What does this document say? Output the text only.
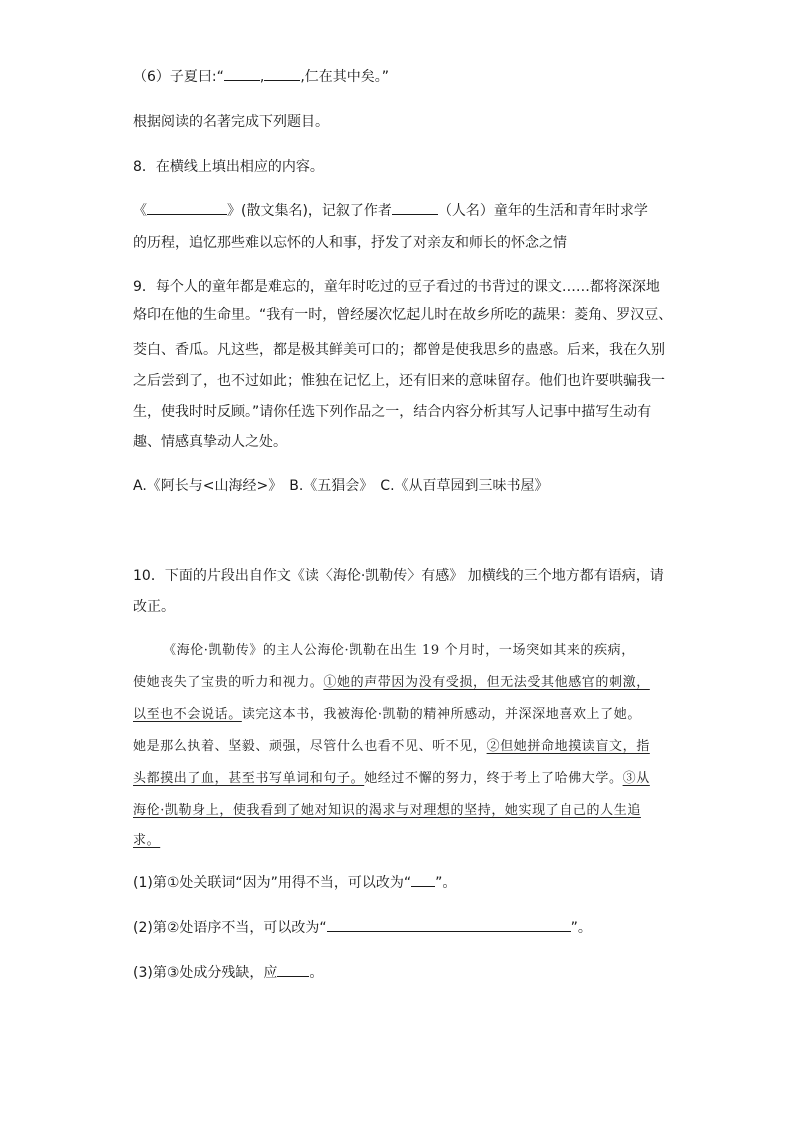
（6）子夏曰:“	,	,仁在其中矣。”
根据阅读的名著完成下列题目。
8．在横线上填出相应的内容。
《	》(散文集名)，记叙了作者	（人名）童年的生活和青年时求学
的历程，追忆那些难以忘怀的人和事，抒发了对亲友和师长的怀念之情
9．每个人的童年都是难忘的，童年时吃过的豆子看过的书背过的课文……都将深深地
烙印在他的生命里。“我有一时，曾经屡次忆起儿时在故乡所吃的蔬果：菱角、罗汉豆、
茭白、香瓜。凡这些，都是极其鲜美可口的；都曾是使我思乡的蛊惑。后来，我在久别
之后尝到了，也不过如此；惟独在记忆上，还有旧来的意味留存。他们也许要哄骗我一
生，使我时时反顾。”请你任选下列作品之一，结合内容分析其写人记事中描写生动有
趣、情感真挚动人之处。
A.《阿长与<山海经>》　B.《五猖会》　C.《从百草园到三味书屋》
10．下面的片段出自作文《读〈海伦·凯勒传〉有感》 加横线的三个地方都有语病，请
改正。
《海伦·凯勒传》的主人公海伦·凯勒在出生 19 个月时，一场突如其来的疾病，
使她丧失了宝贵的听力和视力。①她的声带因为没有受损，但无法受其他感官的刺激，
以至也不会说话。读完这本书，我被海伦·凯勒的精神所感动，并深深地喜欢上了她。
她是那么执着、坚毅、顽强，尽管什么也看不见、听不见，②但她拼命地摸读盲文，指
头都摸出了血，甚至书写单词和句子。她经过不懈的努力，终于考上了哈佛大学。③从
海伦·凯勒身上，使我看到了她对知识的渴求与对理想的坚持，她实现了自己的人生追
求。
(1)第①处关联词“因为”用得不当，可以改为“ ”。
(2)第②处语序不当，可以改为“	”。
(3)第③处成分残缺，应 。
